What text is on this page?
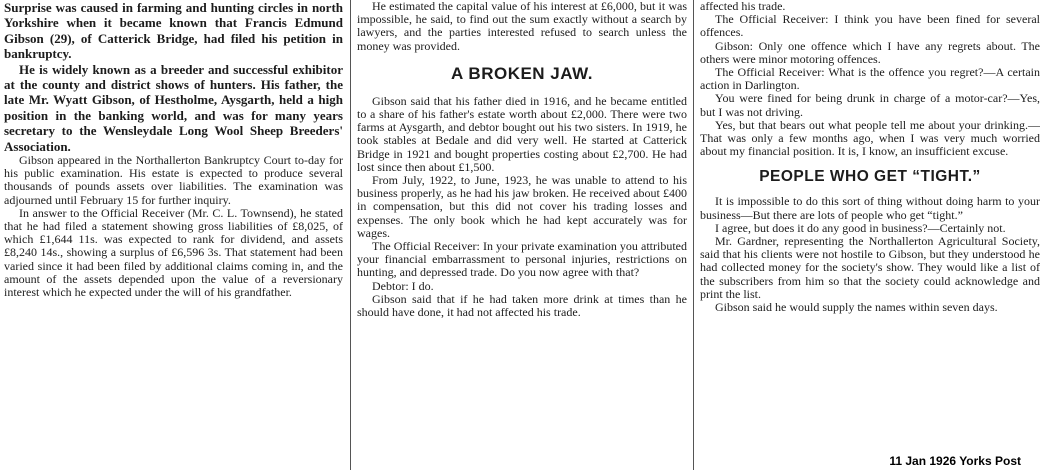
Surprise was caused in farming and hunting circles in north Yorkshire when it became known that Francis Edmund Gibson (29), of Catterick Bridge, had filed his petition in bankruptcy.

He is widely known as a breeder and successful exhibitor at the county and district shows of hunters. His father, the late Mr. Wyatt Gibson, of Hestholme, Aysgarth, held a high position in the banking world, and was for many years secretary to the Wensleydale Long Wool Sheep Breeders' Association.

Gibson appeared in the Northallerton Bankruptcy Court to-day for his public examination. His estate is expected to produce several thousands of pounds assets over liabilities. The examination was adjourned until February 15 for further inquiry.

In answer to the Official Receiver (Mr. C. L. Townsend), he stated that he had filed a statement showing gross liabilities of £8,025, of which £1,644 11s. was expected to rank for dividend, and assets £8,240 14s., showing a surplus of £6,596 3s. That statement had been varied since it had been filed by additional claims coming in, and the amount of the assets depended upon the value of a reversionary interest which he expected under the will of his grandfather.

He estimated the capital value of his interest at £6,000, but it was impossible, he said, to find out the sum exactly without a search by lawyers, and the parties interested refused to search unless the money was provided.

A BROKEN JAW.

Gibson said that his father died in 1916, and he became entitled to a share of his father's estate worth about £2,000. There were two farms at Aysgarth, and debtor bought out his two sisters. In 1919, he took stables at Bedale and did very well. He started at Catterick Bridge in 1921 and bought properties costing about £2,700. He had lost since then about £1,500.

From July, 1922, to June, 1923, he was unable to attend to his business properly, as he had his jaw broken. He received about £400 in compensation, but this did not cover his trading losses and expenses. The only book which he had kept accurately was for wages.

The Official Receiver: In your private examination you attributed your financial embarrassment to personal injuries, restrictions on hunting, and depressed trade. Do you now agree with that?

Debtor: I do.

Gibson said that if he had taken more drink at times than he should have done, it had not affected his trade.

affected his trade.

The Official Receiver: I think you have been fined for several offences.

Gibson: Only one offence which I have any regrets about. The others were minor motoring offences.

The Official Receiver: What is the offence you regret?—A certain action in Darlington.

You were fined for being drunk in charge of a motor-car?—Yes, but I was not driving.

Yes, but that bears out what people tell me about your drinking.—That was only a few months ago, when I was very much worried about my financial position. It is, I know, an insufficient excuse.

PEOPLE WHO GET “TIGHT.”

It is impossible to do this sort of thing without doing harm to your business—But there are lots of people who get “tight.”

I agree, but does it do any good in business?—Certainly not.

Mr. Gardner, representing the Northallerton Agricultural Society, said that his clients were not hostile to Gibson, but they understood he had collected money for the society's show. They would like a list of the subscribers from him so that the society could acknowledge and print the list.

Gibson said he would supply the names within seven days.

11 Jan 1926 Yorks Post
